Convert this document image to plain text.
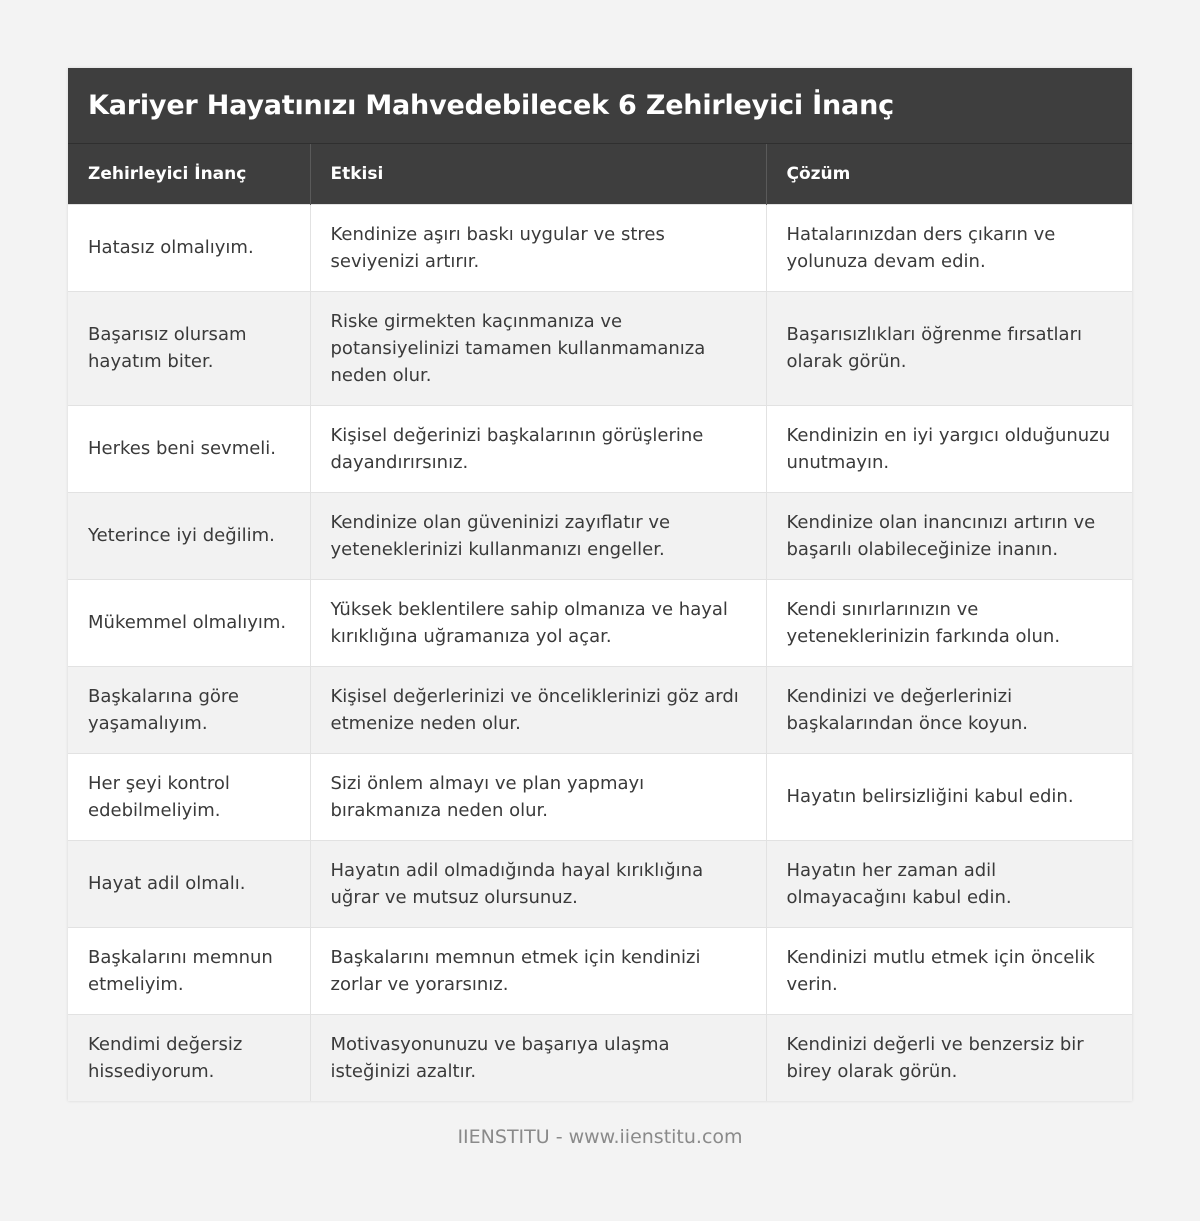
Kariyer Hayatınızı Mahvedebilecek 6 Zehirleyici İnanç
Zehirleyici İnanç	Etkisi	Çözüm
Hatasız olmalıyım.	Kendinize aşırı baskı uygular ve stres seviyenizi artırır.	Hatalarınızdan ders çıkarın ve yolunuza devam edin.
Başarısız olursam hayatım biter.	Riske girmekten kaçınmanıza ve potansiyelinizi tamamen kullanmamanıza neden olur.	Başarısızlıkları öğrenme fırsatları olarak görün.
Herkes beni sevmeli.	Kişisel değerinizi başkalarının görüşlerine dayandırırsınız.	Kendinizin en iyi yargıcı olduğunuzu unutmayın.
Yeterince iyi değilim.	Kendinize olan güveninizi zayıflatır ve yeteneklerinizi kullanmanızı engeller.	Kendinize olan inancınızı artırın ve başarılı olabileceğinize inanın.
Mükemmel olmalıyım.	Yüksek beklentilere sahip olmanıza ve hayal kırıklığına uğramanıza yol açar.	Kendi sınırlarınızın ve yeteneklerinizin farkında olun.
Başkalarına göre yaşamalıyım.	Kişisel değerlerinizi ve önceliklerinizi göz ardı etmenize neden olur.	Kendinizi ve değerlerinizi başkalarından önce koyun.
Her şeyi kontrol edebilmeliyim.	Sizi önlem almayı ve plan yapmayı bırakmanıza neden olur.	Hayatın belirsizliğini kabul edin.
Hayat adil olmalı.	Hayatın adil olmadığında hayal kırıklığına uğrar ve mutsuz olursunuz.	Hayatın her zaman adil olmayacağını kabul edin.
Başkalarını memnun etmeliyim.	Başkalarını memnun etmek için kendinizi zorlar ve yorarsınız.	Kendinizi mutlu etmek için öncelik verin.
Kendimi değersiz hissediyorum.	Motivasyonunuzu ve başarıya ulaşma isteğinizi azaltır.	Kendinizi değerli ve benzersiz bir birey olarak görün.
IIENSTITU - www.iienstitu.com
